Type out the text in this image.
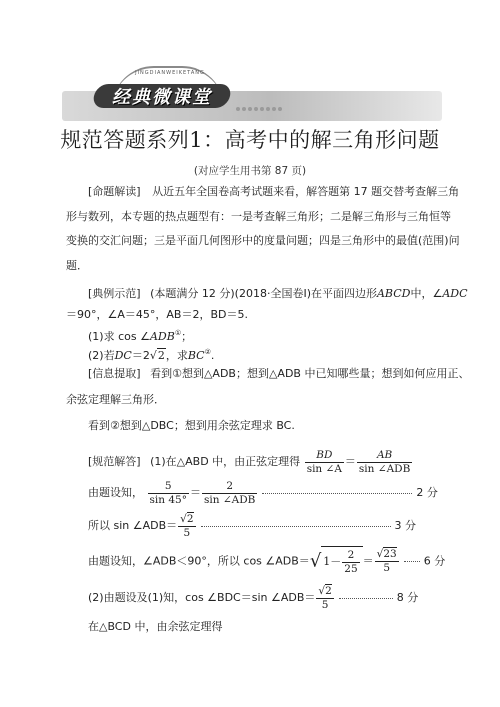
JINGDIANWEIKETANG
经典微课堂
规范答题系列1：高考中的解三角形问题
(对应学生用书第 87 页)
[命题解读] 从近五年全国卷高考试题来看，解答题第 17 题交替考查解三角
形与数列，本专题的热点题型有：一是考查解三角形；二是解三角形与三角恒等
变换的交汇问题；三是平面几何图形中的度量问题；四是三角形中的最值(范围)问
题．
[典例示范] (本题满分 12 分)(2018·全国卷Ⅰ)在平面四边形ABCD中，∠ADC
＝90°，∠A＝45°，AB＝2，BD＝5.
(1)求 cos ∠ADB①；
(2)若DC＝2√2，求BC②.
[信息提取] 看到①想到△ADB；想到△ADB 中已知哪些量；想到如何应用正、
余弦定理解三角形．
看到②想到△DBC；想到用余弦定理求 BC.
[规范解答] (1)在△ABD 中，由正弦定理得 $\frac{BD}{\sin \angle A} = \frac{AB}{\text{sin ∠ADB}}$
由题设知， $\frac{5}{\sin 45^\circ} = \frac{2}{\text{sin ∠ADB}}$	2 分
所以 sin ∠ADB＝ $\frac{√2}{5}$	3 分
由题设知，∠ADB＜90°，所以 cos ∠ADB＝√ $1- \frac{2}{25} = \frac{√23}{5} 6$ 分
(2)由题设及(1)知，cos ∠BDC＝sin ∠ADB＝ $\frac{√2}{5}$	8 分
在△BCD 中，由余弦定理得
